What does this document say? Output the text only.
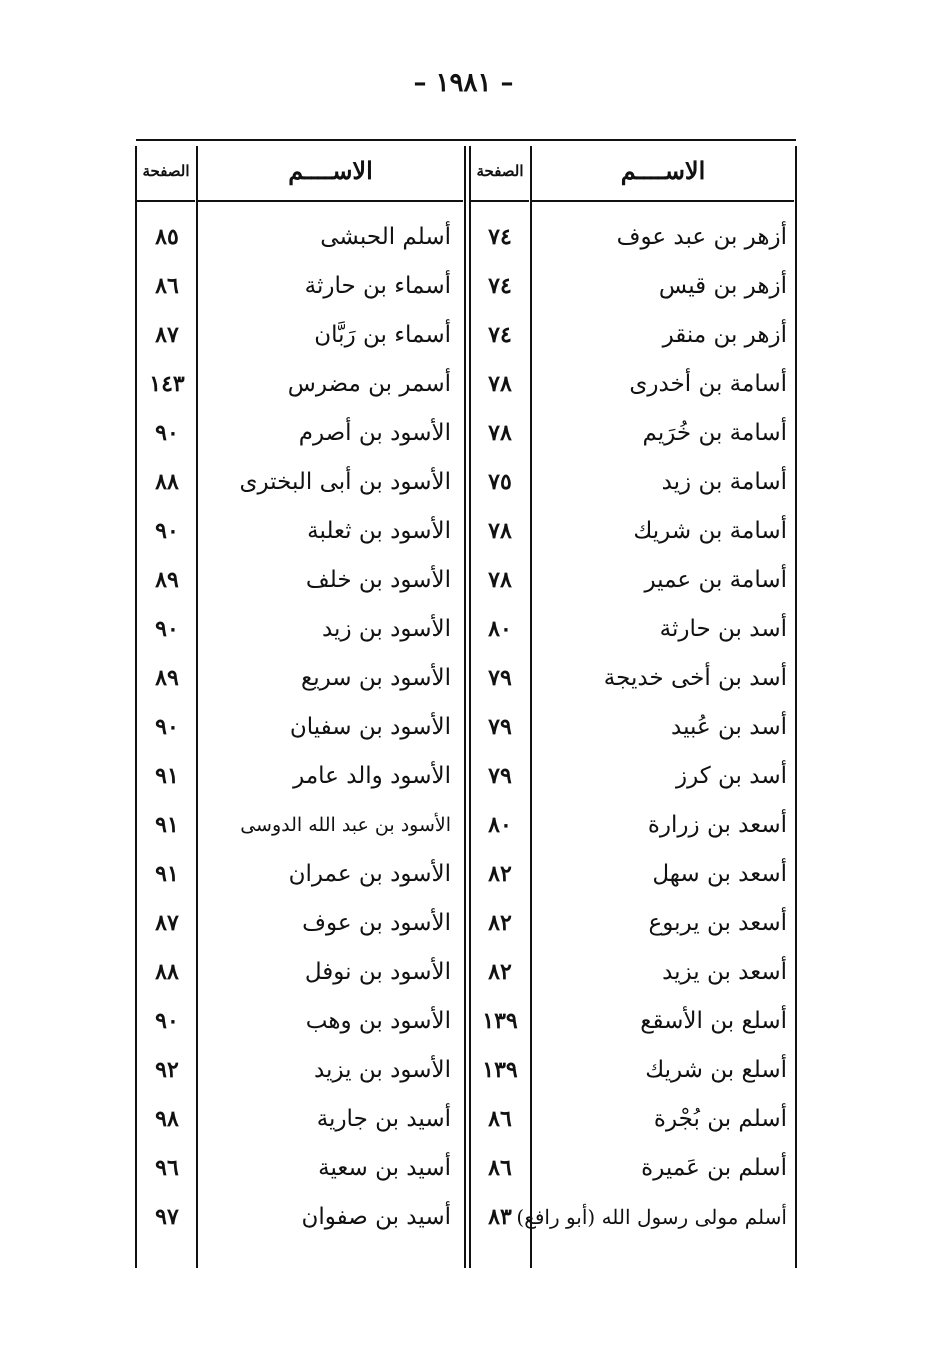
– ١٩٨١ –
الاســــم
الصفحة
الاســــم
الصفحة
أزهر بن عبد عوف
٧٤
أسلم الحبشى
٨٥
أزهر بن قيس
٧٤
أسماء بن حارثة
٨٦
أزهر بن منقر
٧٤
أسماء بن رَبَّان
٨٧
أسامة بن أخدرى
٧٨
أسمر بن مضرس
١٤٣
أسامة بن خُرَيم
٧٨
الأسود بن أصرم
٩٠
أسامة بن زيد
٧٥
الأسود بن أبى البخترى
٨٨
أسامة بن شريك
٧٨
الأسود بن ثعلبة
٩٠
أسامة بن عمير
٧٨
الأسود بن خلف
٨٩
أسد بن حارثة
٨٠
الأسود بن زيد
٩٠
أسد بن أخى خديجة
٧٩
الأسود بن سريع
٨٩
أسد بن عُبيد
٧٩
الأسود بن سفيان
٩٠
أسد بن كرز
٧٩
الأسود والد عامر
٩١
أسعد بن زرارة
٨٠
الأسود بن عبد الله الدوسى
٩١
أسعد بن سهل
٨٢
الأسود بن عمران
٩١
أسعد بن يربوع
٨٢
الأسود بن عوف
٨٧
أسعد بن يزيد
٨٢
الأسود بن نوفل
٨٨
أسلع بن الأسقع
١٣٩
الأسود بن وهب
٩٠
أسلع بن شريك
١٣٩
الأسود بن يزيد
٩٢
أسلم بن بُجْرة
٨٦
أسيد بن جارية
٩٨
أسلم بن عَميرة
٨٦
أسيد بن سعية
٩٦
أسلم مولى رسول الله (أبو رافع)
٨٣
أسيد بن صفوان
٩٧
